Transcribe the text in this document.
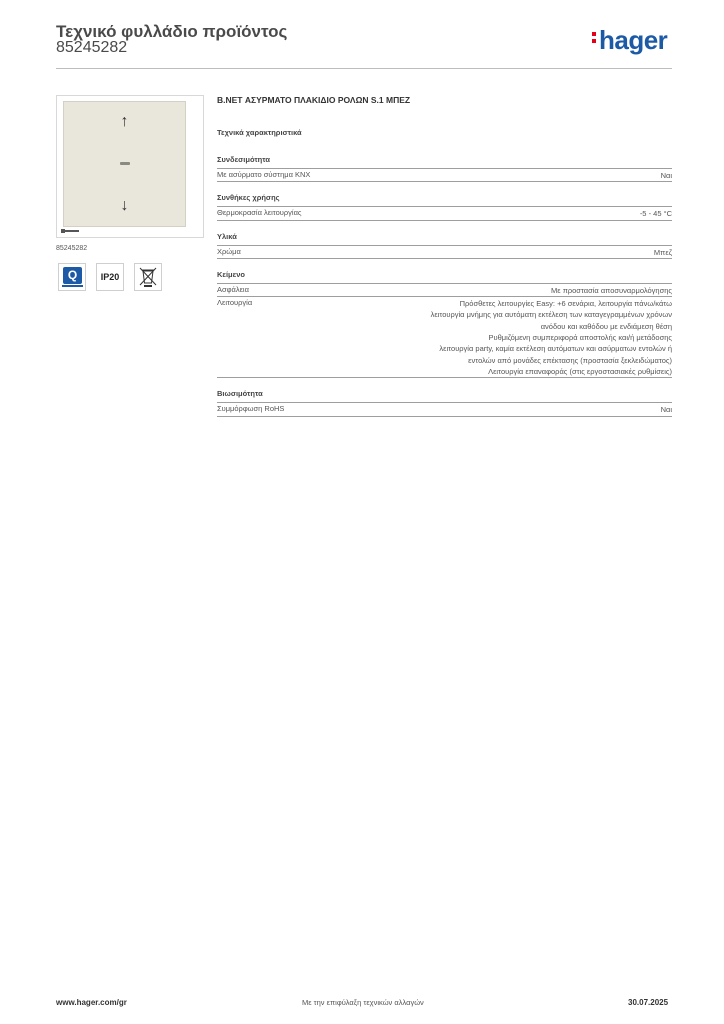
Τεχνικό φυλλάδιο προϊόντος
85245282	hager
↑
↓
85245282
Q	IP20
B.NET ΑΣΥΡΜΑΤΟ ΠΛΑΚΙΔΙΟ ΡΟΛΩΝ S.1 ΜΠΕΖ
Τεχνικά χαρακτηριστικά
Συνδεσιμότητα
Με ασύρματο σύστημα KNX	Ναι
Συνθήκες χρήσης
Θερμοκρασία λειτουργίας	-5 - 45 °C
Υλικά
Χρώμα	Μπεζ
Κείμενο
Ασφάλεια	Με προστασία αποσυναρμολόγησης
Λειτουργία	Πρόσθετες λειτουργίες Easy: +6 σενάρια, λειτουργία πάνω/κάτω
λειτουργία μνήμης για αυτόματη εκτέλεση των καταγεγραμμένων χρόνων
ανόδου και καθόδου με ενδιάμεση θέση
Ρυθμιζόμενη συμπεριφορά αποστολής και/ή μετάδοσης
λειτουργία party, καμία εκτέλεση αυτόματων και ασύρματων εντολών ή
εντολών από μονάδες επέκτασης (προστασία ξεκλειδώματος)
Λειτουργία επαναφοράς (στις εργοστασιακές ρυθμίσεις)
Βιωσιμότητα
Συμμόρφωση RoHS	Ναι
www.hager.com/gr	Με την επιφύλαξη τεχνικών αλλαγών	30.07.2025
